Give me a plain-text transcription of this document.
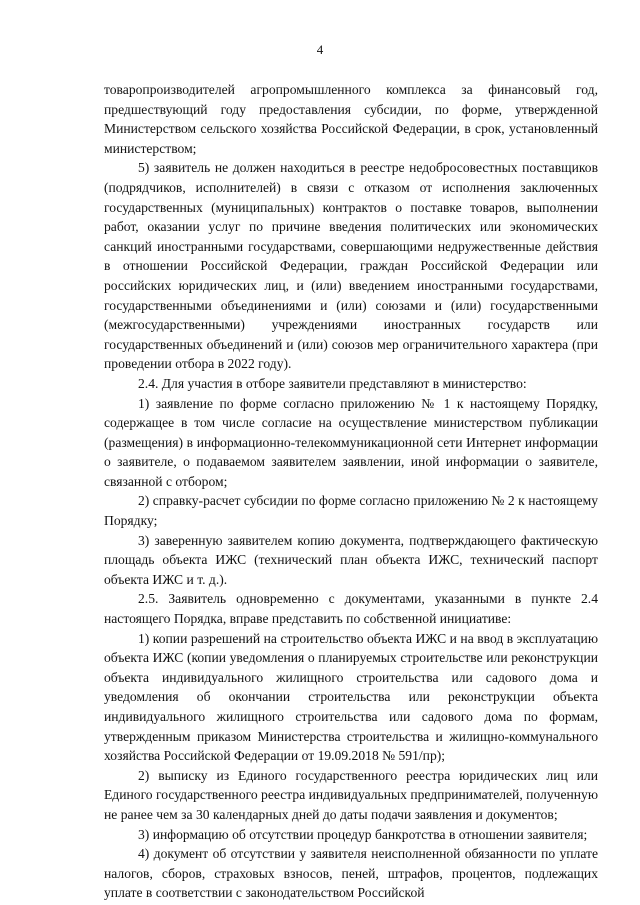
4

товаропроизводителей агропромышленного комплекса за финансовый год, предшествующий году предоставления субсидии, по форме, утвержденной Министерством сельского хозяйства Российской Федерации, в срок, установленный министерством;

5) заявитель не должен находиться в реестре недобросовестных поставщиков (подрядчиков, исполнителей) в связи с отказом от исполнения заключенных государственных (муниципальных) контрактов о поставке товаров, выполнении работ, оказании услуг по причине введения политических или экономических санкций иностранными государствами, совершающими недружественные действия в отношении Российской Федерации, граждан Российской Федерации или российских юридических лиц, и (или) введением иностранными государствами, государственными объединениями и (или) союзами и (или) государственными (межгосударственными) учреждениями иностранных государств или государственных объединений и (или) союзов мер ограничительного характера (при проведении отбора в 2022 году).

2.4. Для участия в отборе заявители представляют в министерство:

1) заявление по форме согласно приложению № 1 к настоящему Порядку, содержащее в том числе согласие на осуществление министерством публикации (размещения) в информационно-телекоммуникационной сети Интернет информации о заявителе, о подаваемом заявителем заявлении, иной информации о заявителе, связанной с отбором;

2) справку-расчет субсидии по форме согласно приложению № 2 к настоящему Порядку;

3) заверенную заявителем копию документа, подтверждающего фактическую площадь объекта ИЖС (технический план объекта ИЖС, технический паспорт объекта ИЖС и т. д.).

2.5. Заявитель одновременно с документами, указанными в пункте 2.4 настоящего Порядка, вправе представить по собственной инициативе:

1) копии разрешений на строительство объекта ИЖС и на ввод в эксплуатацию объекта ИЖС (копии уведомления о планируемых строительстве или реконструкции объекта индивидуального жилищного строительства или садового дома и уведомления об окончании строительства или реконструкции объекта индивидуального жилищного строительства или садового дома по формам, утвержденным приказом Министерства строительства и жилищно-коммунального хозяйства Российской Федерации от 19.09.2018 № 591/пр);

2) выписку из Единого государственного реестра юридических лиц или Единого государственного реестра индивидуальных предпринимателей, полученную не ранее чем за 30 календарных дней до даты подачи заявления и документов;

3) информацию об отсутствии процедур банкротства в отношении заявителя;

4) документ об отсутствии у заявителя неисполненной обязанности по уплате налогов, сборов, страховых взносов, пеней, штрафов, процентов, подлежащих уплате в соответствии с законодательством Российской
